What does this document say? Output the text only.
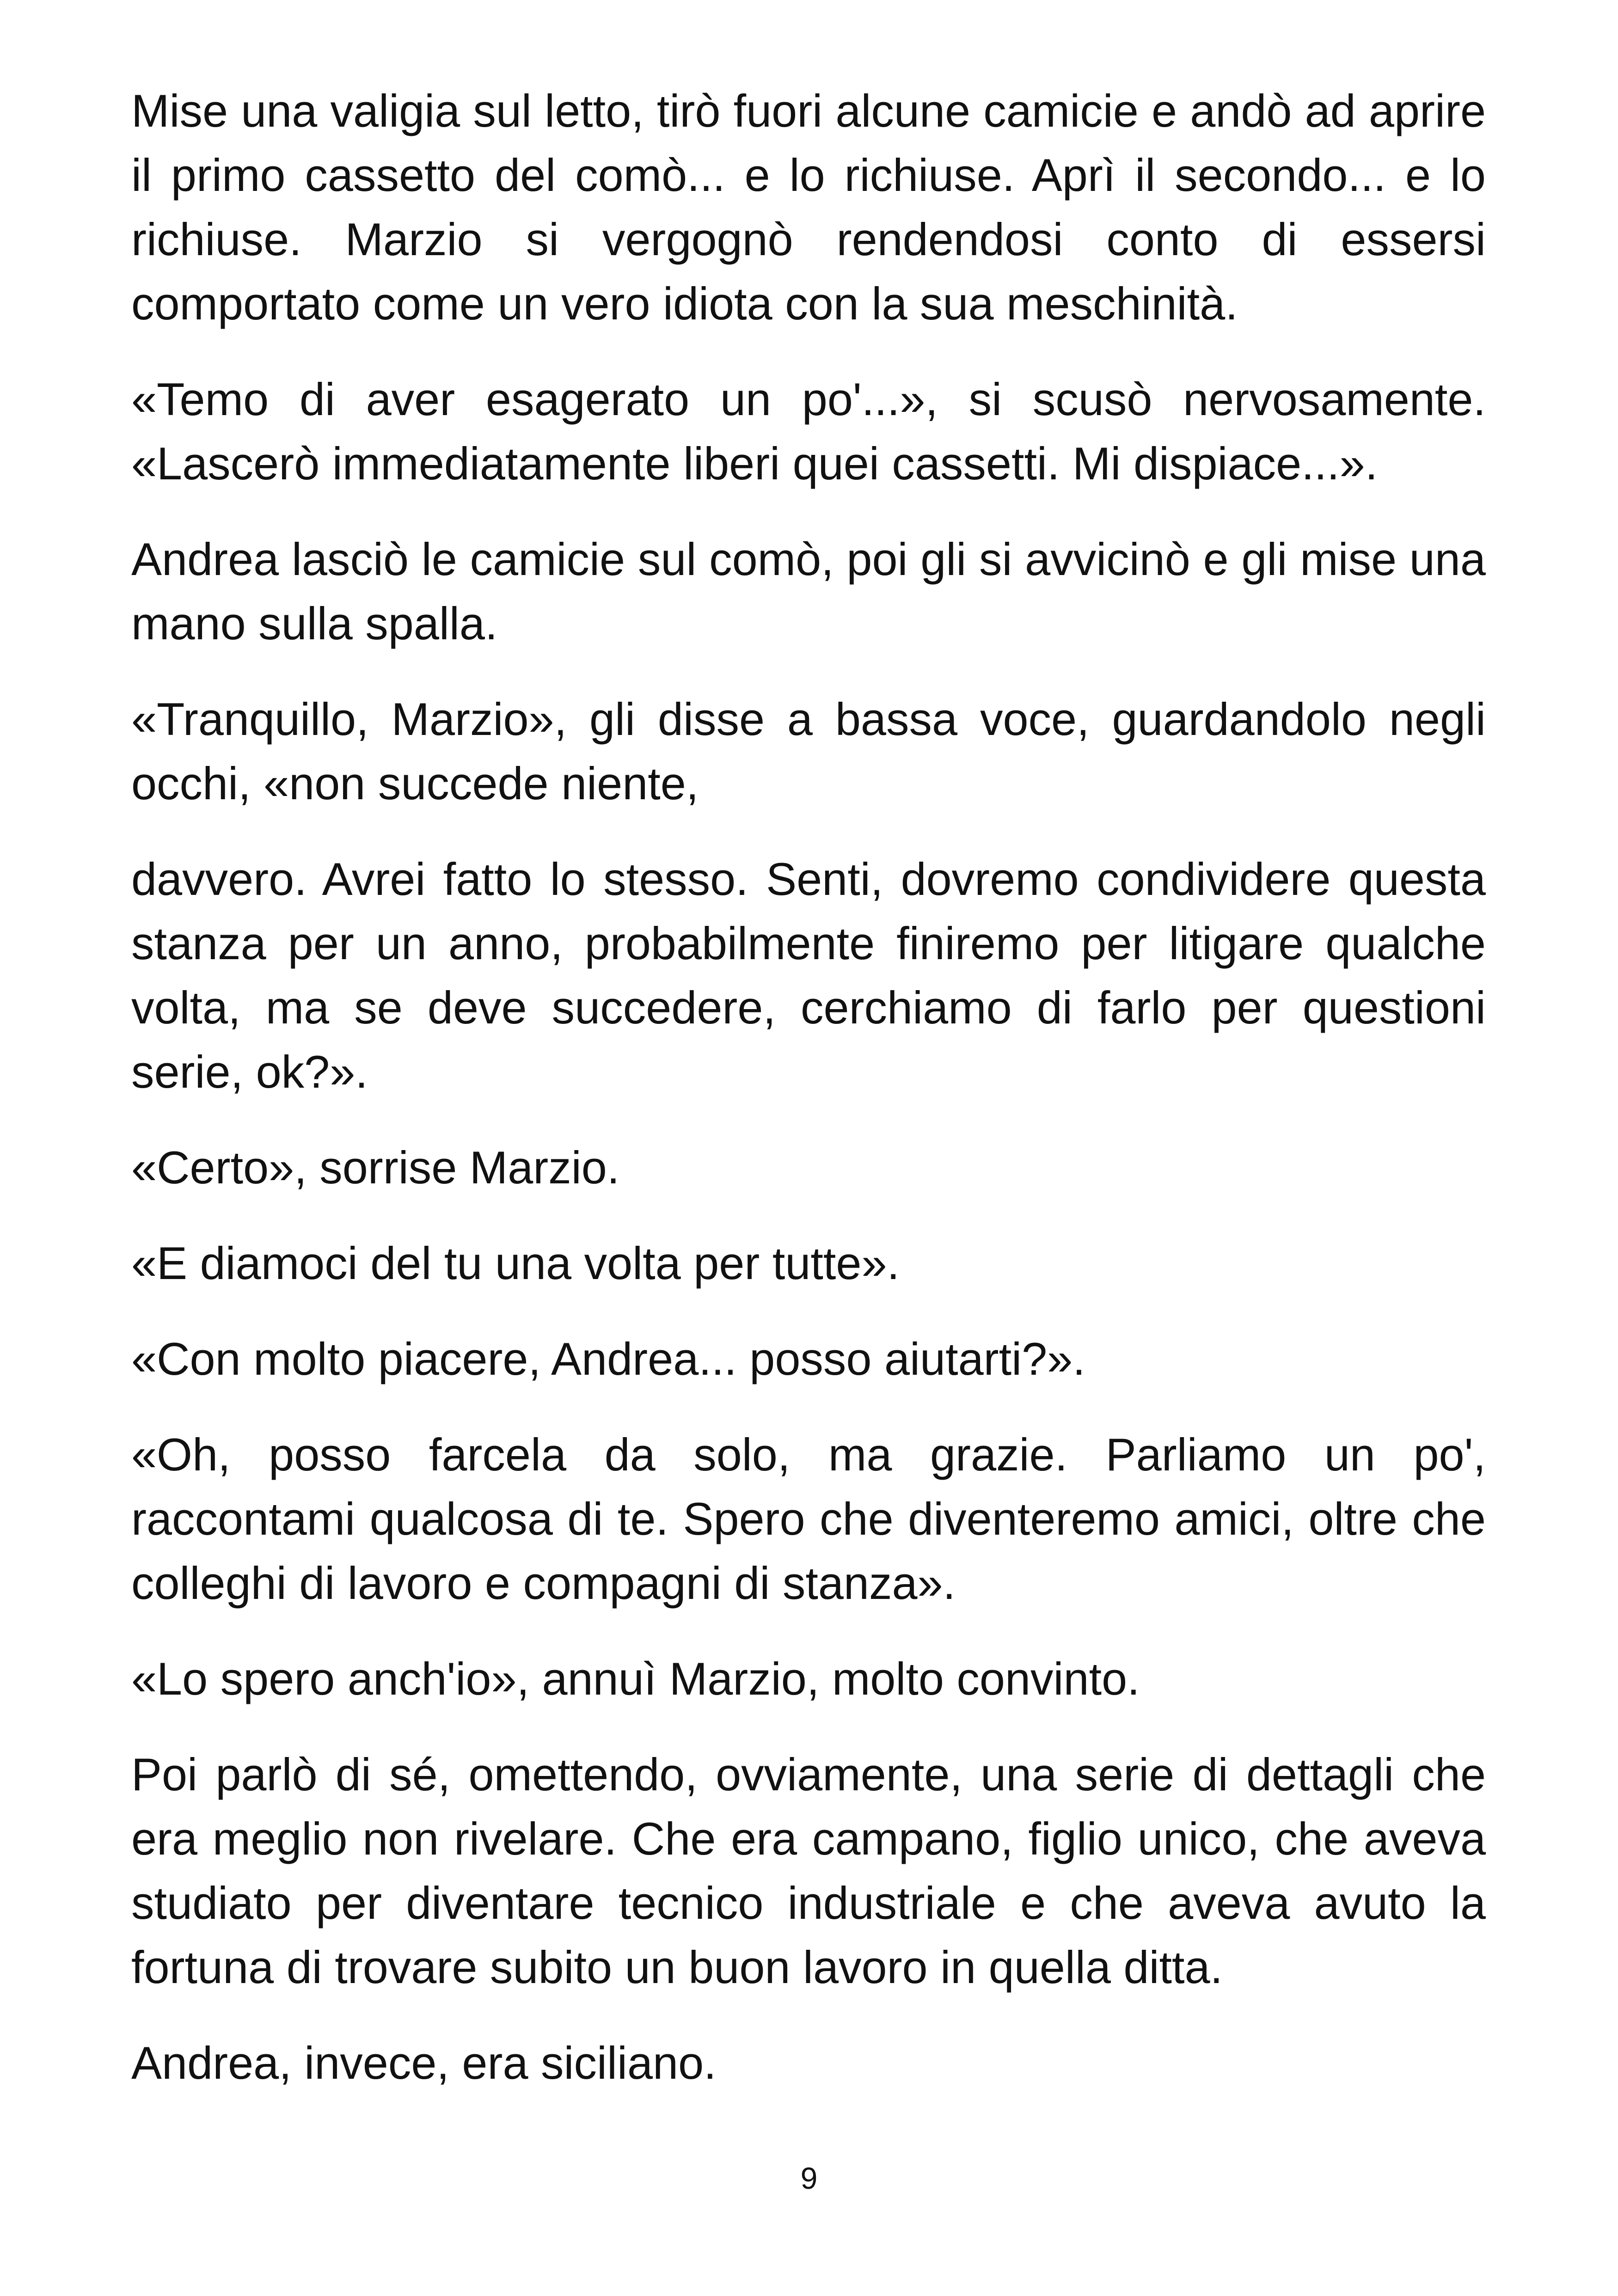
Mise una valigia sul letto, tirò fuori alcune camicie e andò ad aprire il primo cassetto del comò... e lo richiuse. Aprì il secondo... e lo richiuse. Marzio si vergognò rendendosi conto di essersi comportato come un vero idiota con la sua meschinità.

«Temo di aver esagerato un po'...», si scusò nervosamente. «Lascerò immediatamente liberi quei cassetti. Mi dispiace...».

Andrea lasciò le camicie sul comò, poi gli si avvicinò e gli mise una mano sulla spalla.

«Tranquillo, Marzio», gli disse a bassa voce, guardandolo negli occhi, «non succede niente,

davvero. Avrei fatto lo stesso. Senti, dovremo condividere questa stanza per un anno, probabilmente finiremo per litigare qualche volta, ma se deve succedere, cerchiamo di farlo per questioni serie, ok?».

«Certo», sorrise Marzio.

«E diamoci del tu una volta per tutte».

«Con molto piacere, Andrea... posso aiutarti?».

«Oh, posso farcela da solo, ma grazie. Parliamo un po', raccontami qualcosa di te. Spero che diventeremo amici, oltre che colleghi di lavoro e compagni di stanza».

«Lo spero anch'io», annuì Marzio, molto convinto.

Poi parlò di sé, omettendo, ovviamente, una serie di dettagli che era meglio non rivelare. Che era campano, figlio unico, che aveva studiato per diventare tecnico industriale e che aveva avuto la fortuna di trovare subito un buon lavoro in quella ditta.

Andrea, invece, era siciliano.

9
